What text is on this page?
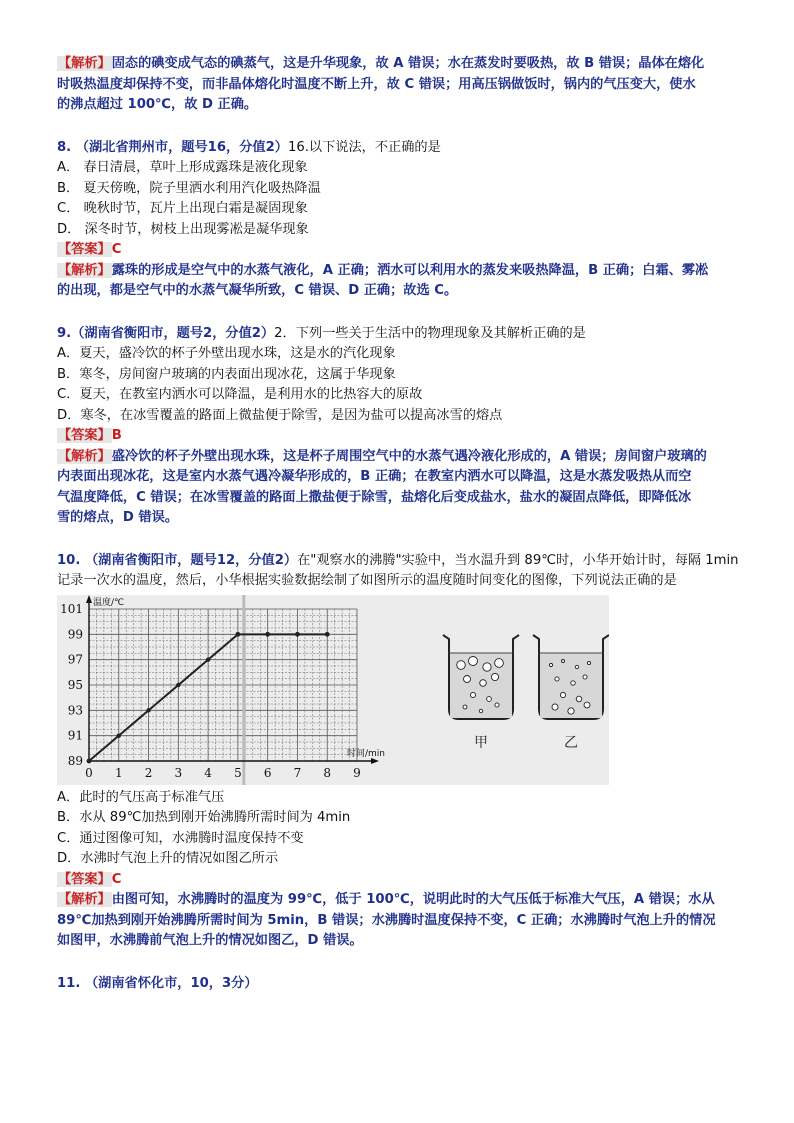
【解析】固态的碘变成气态的碘蒸气，这是升华现象，故 A 错误；水在蒸发时要吸热，故 B 错误；晶体在熔化
时吸热温度却保持不变，而非晶体熔化时温度不断上升，故 C 错误；用高压锅做饭时，锅内的气压变大，使水
的沸点超过 100℃，故 D 正确。
8. （湖北省荆州市，题号16，分值2）16.以下说法，不正确的是
A． 春日清晨，草叶上形成露珠是液化现象
B． 夏天傍晚，院子里洒水利用汽化吸热降温
C． 晚秋时节，瓦片上出现白霜是凝固现象
D． 深冬时节，树枝上出现雾凇是凝华现象
【答案】C
【解析】露珠的形成是空气中的水蒸气液化，A 正确；洒水可以利用水的蒸发来吸热降温，B 正确；白霜、雾凇
的出现，都是空气中的水蒸气凝华所致，C 错误、D 正确；故选 C。
9.（湖南省衡阳市，题号2，分值2）2．下列一些关于生活中的物理现象及其解析正确的是
A．夏天，盛冷饮的杯子外壁出现水珠，这是水的汽化现象
B．寒冬，房间窗户玻璃的内表面出现冰花，这属于华现象
C．夏天，在教室内洒水可以降温，是利用水的比热容大的原故
D．寒冬，在冰雪覆盖的路面上微盐便于除雪，是因为盐可以提高冰雪的熔点
【答案】B
【解析】盛冷饮的杯子外壁出现水珠，这是杯子周围空气中的水蒸气遇冷液化形成的，A 错误；房间窗户玻璃的
内表面出现冰花，这是室内水蒸气遇冷凝华形成的，B 正确；在教室内洒水可以降温，这是水蒸发吸热从而空
气温度降低，C 错误；在冰雪覆盖的路面上撒盐便于除雪，盐熔化后变成盐水，盐水的凝固点降低，即降低冰
雪的熔点，D 错误。
10. （湖南省衡阳市，题号12，分值2）在"观察水的沸腾"实验中，当水温升到 89℃时，小华开始计时，每隔 1min
记录一次水的温度，然后，小华根据实验数据绘制了如图所示的温度随时间变化的图像，下列说法正确的是
温度/℃
时间/min
0 1 2 3 4 5 6 7 8 9
89
91
93
95
97
99
101
甲	乙
A．此时的气压高于标准气压
B．水从 89℃加热到刚开始沸腾所需时间为 4min
C．通过图像可知，水沸腾时温度保持不变
D．水沸时气泡上升的情况如图乙所示
【答案】C
【解析】由图可知，水沸腾时的温度为 99℃，低于 100℃，说明此时的大气压低于标准大气压，A 错误；水从
89℃加热到刚开始沸腾所需时间为 5min，B 错误；水沸腾时温度保持不变，C 正确；水沸腾时气泡上升的情况
如图甲，水沸腾前气泡上升的情况如图乙，D 错误。
11. （湖南省怀化市，10，3分）
